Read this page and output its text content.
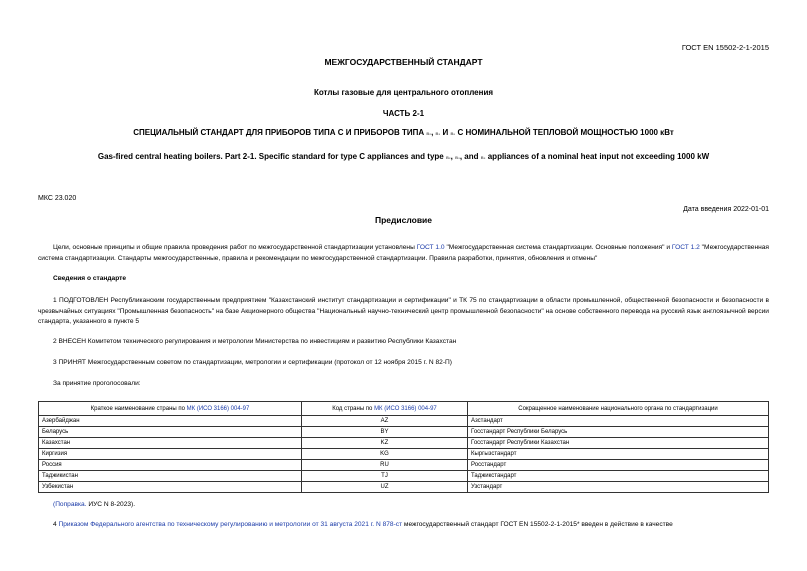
ГОСТ EN 15502-2-1-2015
МЕЖГОСУДАРСТВЕННЫЙ СТАНДАРТ
Котлы газовые для центрального отопления
ЧАСТЬ 2-1
СПЕЦИАЛЬНЫЙ СТАНДАРТ ДЛЯ ПРИБОРОВ ТИПА С И ПРИБОРОВ ТИПА B₂, B₃ И B₅ С НОМИНАЛЬНОЙ ТЕПЛОВОЙ МОЩНОСТЬЮ 1000 кВт
Gas-fired central heating boilers. Part 2-1. Specific standard for type C appliances and type B₂, B₃, and B₅ appliances of a nominal heat input not exceeding 1000 kW
МКС 23.020
Дата введения 2022-01-01
Предисловие
Цели, основные принципы и общие правила проведения работ по межгосударственной стандартизации установлены ГОСТ 1.0 "Межгосударственная система стандартизации. Основные положения" и ГОСТ 1.2 "Межгосударственная система стандартизации. Стандарты межгосударственные, правила и рекомендации по межгосударственной стандартизации. Правила разработки, принятия, обновления и отмены"
Сведения о стандарте
1 ПОДГОТОВЛЕН Республиканским государственным предприятием "Казахстанский институт стандартизации и сертификации" и ТК 75 по стандартизации в области промышленной, общественной безопасности и безопасности в чрезвычайных ситуациях "Промышленная безопасность" на базе Акционерного общества "Национальный научно-технический центр промышленной безопасности" на основе собственного перевода на русский язык англоязычной версии стандарта, указанного в пункте 5
2 ВНЕСЕН Комитетом технического регулирования и метрологии Министерства по инвестициям и развитию Республики Казахстан
3 ПРИНЯТ Межгосударственным советом по стандартизации, метрологии и сертификации (протокол от 12 ноября 2015 г. N 82-П)
За принятие проголосовали:
Краткое наименование страны по МК (ИСО 3166) 004-97	Код страны по МК (ИСО 3166) 004-97	Сокращенное наименование национального органа по стандартизации
Азербайджан	AZ	Азстандарт
Беларусь	BY	Госстандарт Республики Беларусь
Казахстан	KZ	Госстандарт Республики Казахстан
Киргизия	KG	Кыргызстандарт
Россия	RU	Росстандарт
Таджикистан	TJ	Таджикстандарт
Узбекистан	UZ	Узстандарт
(Поправка. ИУС N 8-2023).
4 Приказом Федерального агентства по техническому регулированию и метрологии от 31 августа 2021 г. N 878-ст межгосударственный стандарт ГОСТ EN 15502-2-1-2015* введен в действие в качестве
